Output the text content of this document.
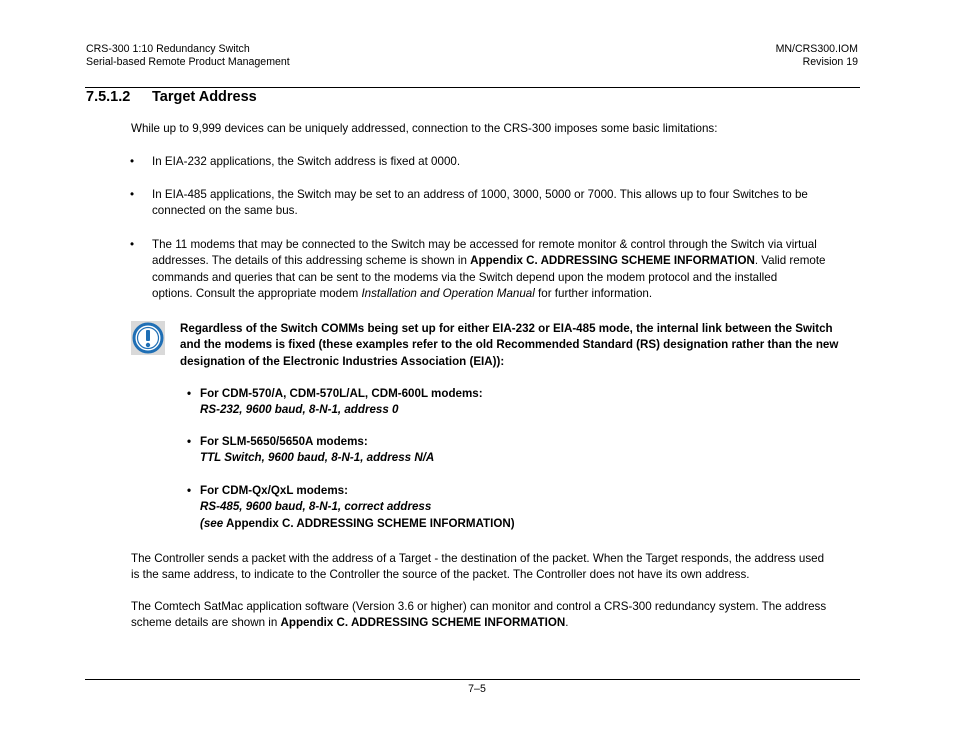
CRS-300 1:10 Redundancy Switch
Serial-based Remote Product Management
MN/CRS300.IOM
Revision 19
7.5.1.2 Target Address
While up to 9,999 devices can be uniquely addressed, connection to the CRS-300 imposes some basic limitations:
• In EIA-232 applications, the Switch address is fixed at 0000.
• In EIA-485 applications, the Switch may be set to an address of 1000, 3000, 5000 or 7000. This allows up to four Switches to be
connected on the same bus.
• The 11 modems that may be connected to the Switch may be accessed for remote monitor & control through the Switch via virtual
addresses. The details of this addressing scheme is shown in Appendix C. ADDRESSING SCHEME INFORMATION. Valid remote
commands and queries that can be sent to the modems via the Switch depend upon the modem protocol and the installed
options. Consult the appropriate modem Installation and Operation Manual for further information.
Regardless of the Switch COMMs being set up for either EIA-232 or EIA-485 mode, the internal link between the Switch
and the modems is fixed (these examples refer to the old Recommended Standard (RS) designation rather than the new
designation of the Electronic Industries Association (EIA)):
• For CDM-570/A, CDM-570L/AL, CDM-600L modems:
RS-232, 9600 baud, 8-N-1, address 0
• For SLM-5650/5650A modems:
TTL Switch, 9600 baud, 8-N-1, address N/A
• For CDM-Qx/QxL modems:
RS-485, 9600 baud, 8-N-1, correct address
(see Appendix C. ADDRESSING SCHEME INFORMATION)
The Controller sends a packet with the address of a Target - the destination of the packet. When the Target responds, the address used
is the same address, to indicate to the Controller the source of the packet. The Controller does not have its own address.
The Comtech SatMac application software (Version 3.6 or higher) can monitor and control a CRS-300 redundancy system. The address
scheme details are shown in Appendix C. ADDRESSING SCHEME INFORMATION.
7–5
